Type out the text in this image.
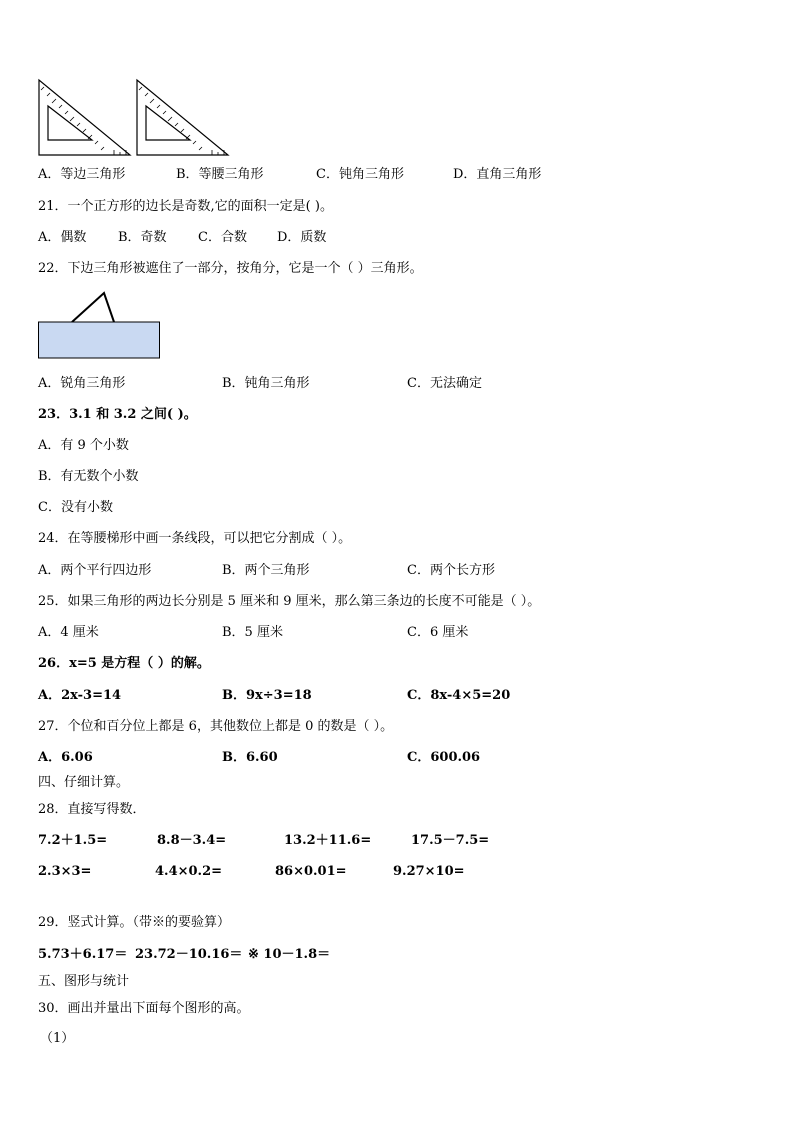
A．等边三角形	B．等腰三角形	C．钝角三角形	D．直角三角形
21．一个正方形的边长是奇数,它的面积一定是( )。
A．偶数 B．奇数 C．合数 D．质数
22．下边三角形被遮住了一部分，按角分，它是一个（ ）三角形。
A．锐角三角形	B．钝角三角形	C．无法确定
23．3.1 和 3.2 之间( )。
A．有 9 个小数
B．有无数个小数
C．没有小数
24．在等腰梯形中画一条线段，可以把它分割成（ ）。
A．两个平行四边形	B．两个三角形	C．两个长方形
25．如果三角形的两边长分别是 5 厘米和 9 厘米，那么第三条边的长度不可能是（ ）。
A．4 厘米	B．5 厘米	C．6 厘米
26．x=5 是方程（ ）的解。
A．2x-3=14	B．9x÷3=18	C．8x-4×5=20
27．个位和百分位上都是 6，其他数位上都是 0 的数是（ ）。
A．6.06	B．6.60	C．600.06
四、仔细计算。
28．直接写得数．
7.2＋1.5=	8.8－3.4=	13.2＋11.6=	17.5－7.5=
2.3×3=	4.4×0.2=	86×0.01=	9.27×10=
29．竖式计算。（带※的要验算）
5.73＋6.17＝ 23.72－10.16＝ ※ 10－1.8＝
五、图形与统计
30．画出并量出下面每个图形的高。
（1）
